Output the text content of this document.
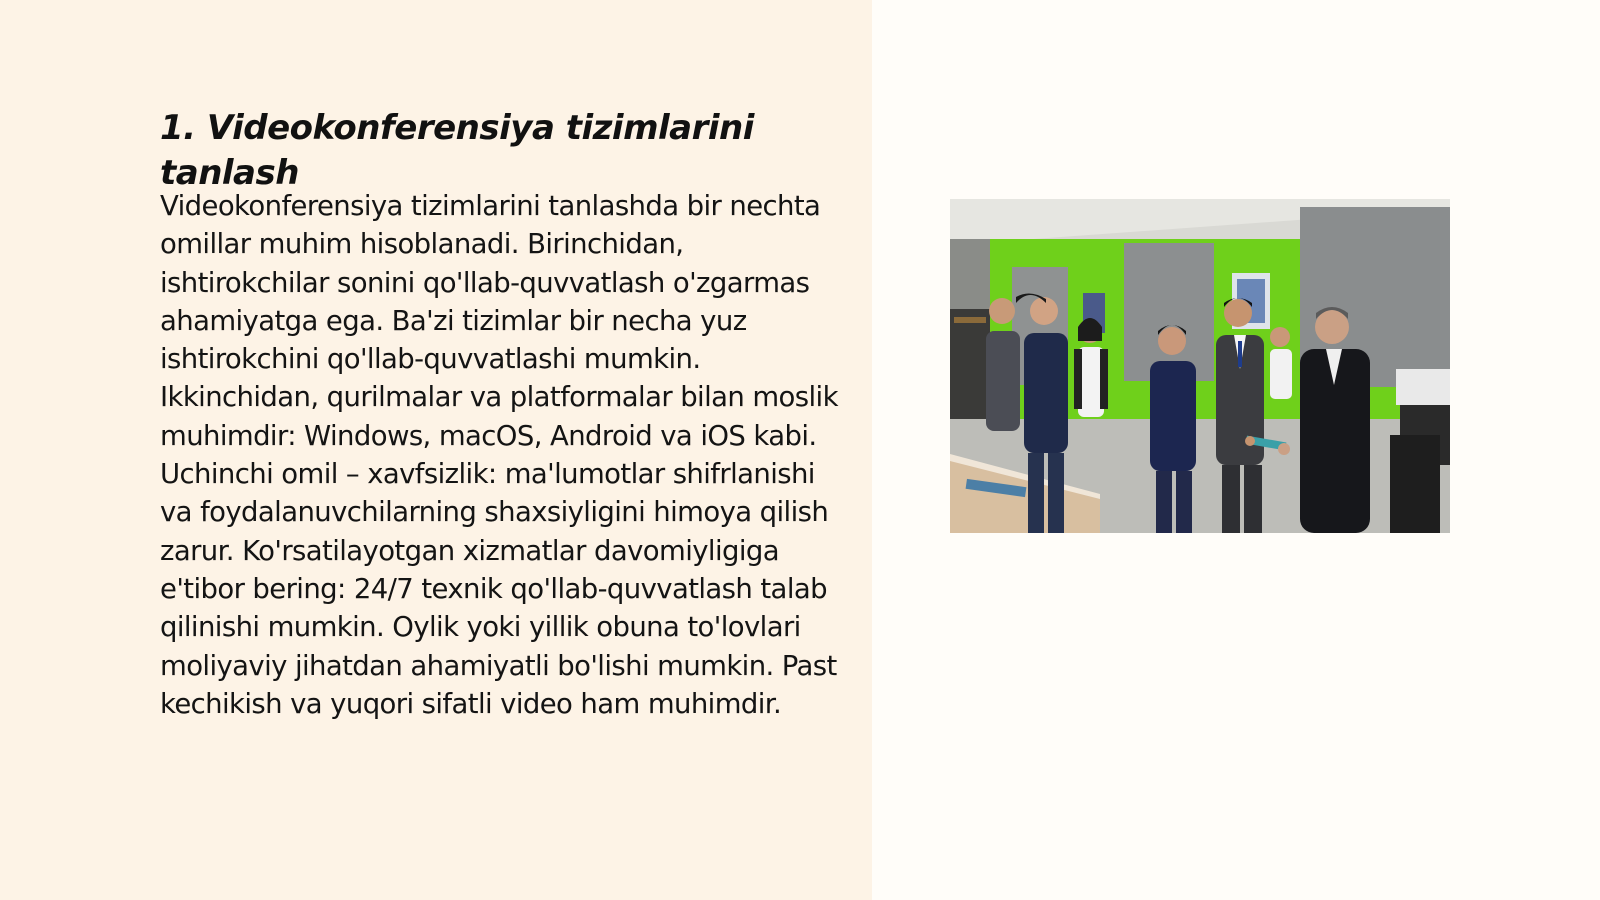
1. Videokonferensiya tizimlarini tanlash

Videokonferensiya tizimlarini tanlashda bir nechta omillar muhim hisoblanadi. Birinchidan, ishtirokchilar sonini qo'llab-quvvatlash o'zgarmas ahamiyatga ega. Ba'zi tizimlar bir necha yuz ishtirokchini qo'llab-quvvatlashi mumkin. Ikkinchidan, qurilmalar va platformalar bilan moslik muhimdir: Windows, macOS, Android va iOS kabi. Uchinchi omil – xavfsizlik: ma'lumotlar shifrlanishi va foydalanuvchilarning shaxsiyligini himoya qilish zarur. Ko'rsatilayotgan xizmatlar davomiyligiga e'tibor bering: 24/7 texnik qo'llab-quvvatlash talab qilinishi mumkin. Oylik yoki yillik obuna to'lovlari moliyaviy jihatdan ahamiyatli bo'lishi mumkin. Past kechikish va yuqori sifatli video ham muhimdir.
